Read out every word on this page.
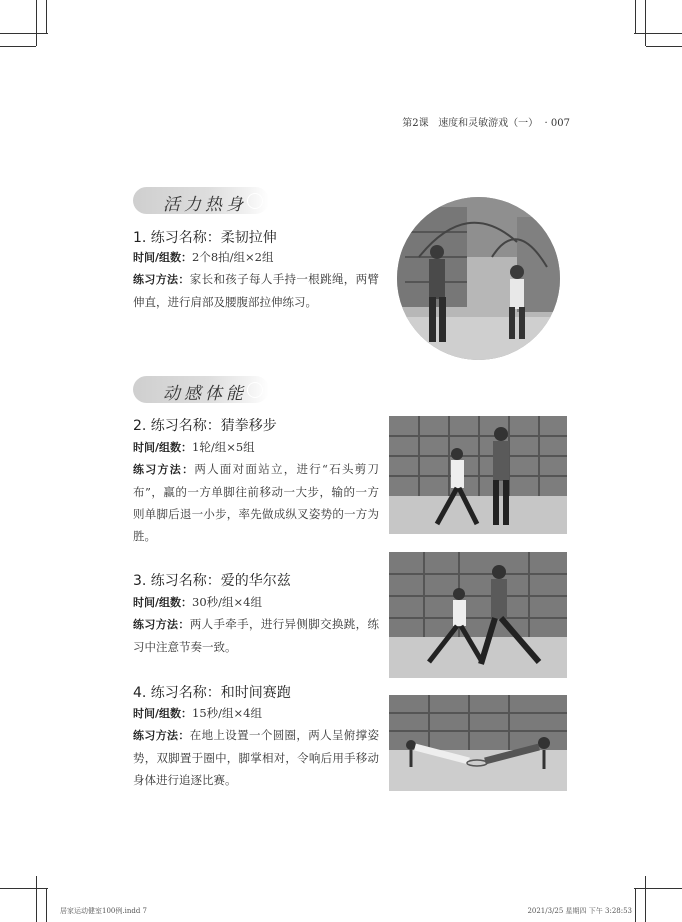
第2课 速度和灵敏游戏（一） · 007
活力热身
1. 练习名称：柔韧拉伸
时间/组数：2个8拍/组×2组
练习方法：家长和孩子每人手持一根跳绳，两臂伸直，进行肩部及腰腹部拉伸练习。
动感体能
2. 练习名称：猜拳移步
时间/组数：1轮/组×5组
练习方法：两人面对面站立，进行“石头剪刀布”，赢的一方单脚往前移动一大步，输的一方则单脚后退一小步，率先做成纵叉姿势的一方为胜。
3. 练习名称：爱的华尔兹
时间/组数：30秒/组×4组
练习方法：两人手牵手，进行异侧脚交换跳，练习中注意节奏一致。
4. 练习名称：和时间赛跑
时间/组数：15秒/组×4组
练习方法：在地上设置一个圆圈，两人呈俯撑姿势，双脚置于圈中，脚掌相对，令响后用手移动身体进行追逐比赛。
居家运动健室100例.indd 7	2021/3/25 星期四 下午 3:28:53
